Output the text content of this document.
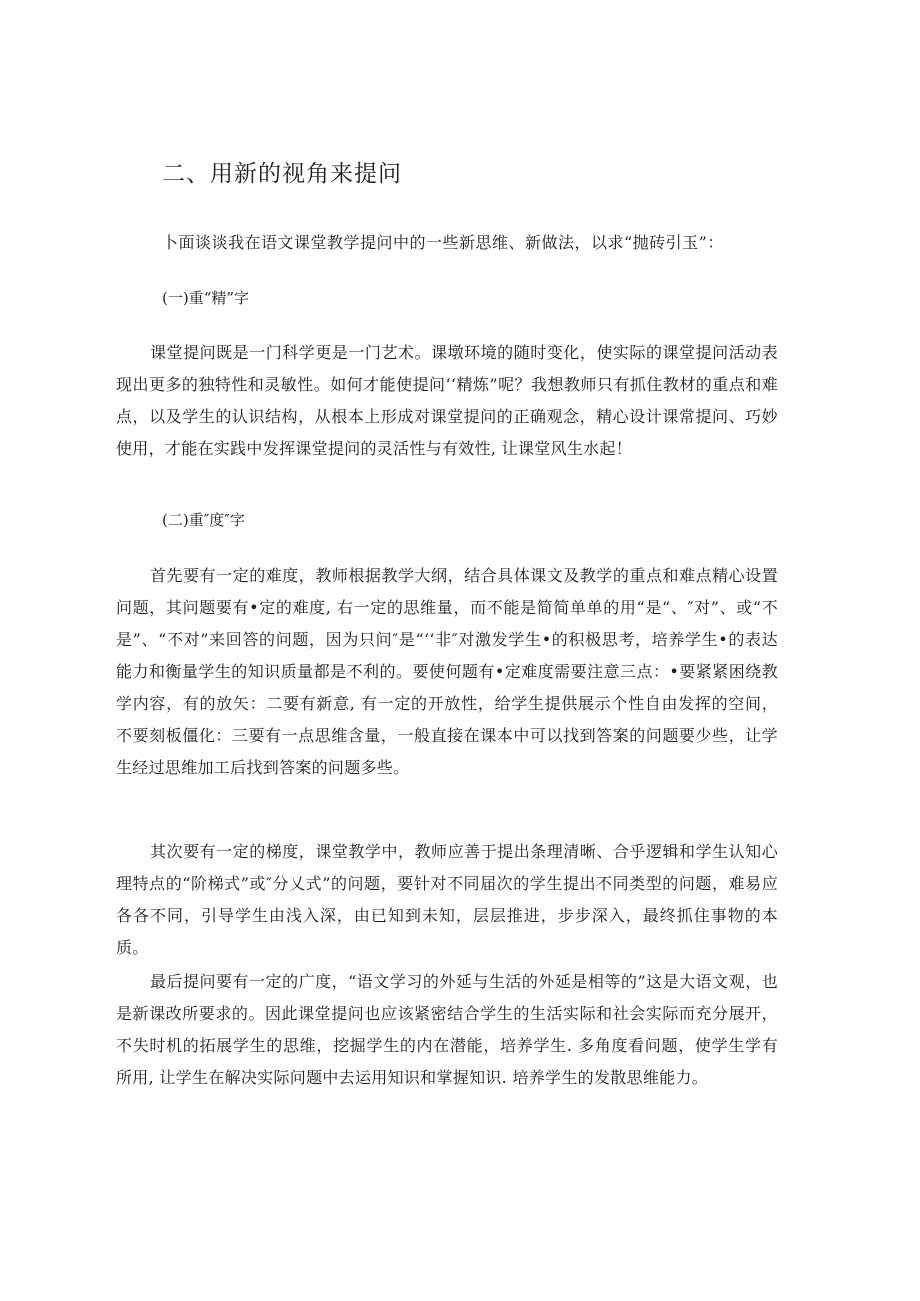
二、用新的视角来提问
卜面谈谈我在语文课堂教学提问中的一些新思维、新做法，以求“抛砖引玉”：
(一)重“精”字

课堂提问既是一门科学更是一门艺术。课墩环境的随时变化，使实际的课堂提问活动表现出更多的独特性和灵敏性。如何才能使提问‘‘精炼”呢？我想教师只有抓住教材的重点和难点，以及学生的认识结构，从根本上形成对课堂提问的正确观念，精心设计课常提问、巧妙使用，才能在实践中发挥课堂提问的灵活性与有效性, 让课堂风生水起！

(二)重″度″字

首先要有一定的难度，教师根据教学大纲，结合具体课文及教学的重点和难点精心设置问题，其问题要有•定的难度, 右一定的思维量，而不能是简简单单的用“是“、″对”、或“不是”、“不对”来回答的问题，因为只问″是“‘‘非″对激发学生•的积极思考，培养学生•的表达能力和衡量学生的知识质量都是不利的。要使何题有•定难度需要注意三点：•要紧紧困绕教学内容，有的放矢：二要有新意, 有一定的开放性，给学生提供展示个性自由发挥的空间，不要刻板僵化：三要有一点思维含量，一般直接在课本中可以找到答案的问题要少些，让学生经过思维加工后找到答案的问题多些。

其次要有一定的梯度，课堂教学中，教师应善于提出条理清晰、合乎逻辑和学生认知心理特点的“阶梯式”或″分乂式”的问题，要针对不同届次的学生提出不同类型的问题，难易应各各不同，引导学生由浅入深，由已知到未知，层层推进，步步深入，最终抓住事物的本质。

最后提问要有一定的广度，“语文学习的外延与生活的外延是相等的”这是大语文观，也是新课改所要求的。因此课堂提问也应该紧密结合学生的生活实际和社会实际而充分展开，不失时机的拓展学生的思维，挖掘学生的内在潜能，培养学生. 多角度看问题，使学生学有所用, 让学生在解决实际问题中去运用知识和掌握知识. 培养学生的发散思维能力。
